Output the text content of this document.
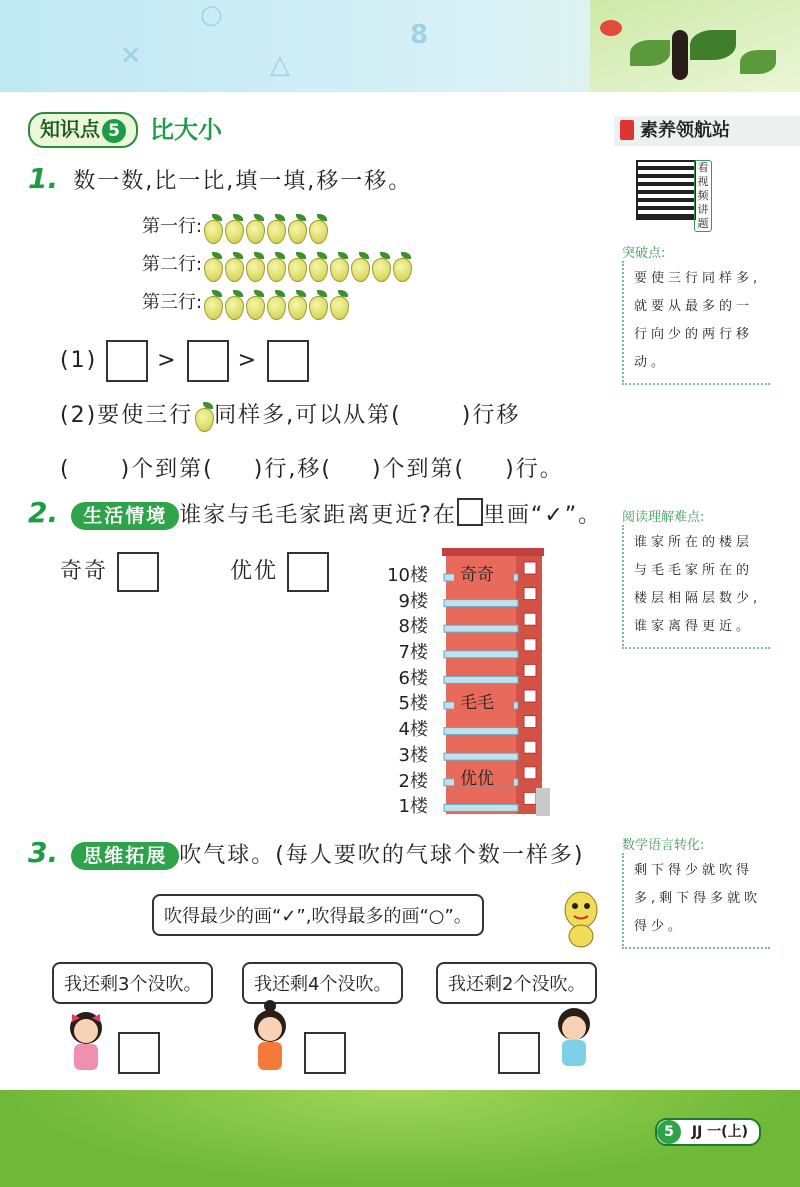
×	△
8
○
知识点 5	比大小	素养领航站
看视频讲题
突破点:
要使三行同样多,就要从最多的一行向少的两行移动。
阅读理解难点:
谁家所在的楼层与毛毛家所在的楼层相隔层数少,谁家离得更近。
数学语言转化:
剩下得少就吹得多,剩下得多就吹得少。
1. 数一数,比一比,填一填,移一移。
第一行:
第二行:
第三行:
(1)	>	>
(2)要使三行 同样多,可以从第(	)行移
( )个到第( )行,移( )个到第( )行。
2. 生活情境 谁家与毛毛家距离更近?在 里画“✓”。
奇奇	优优	10楼
9楼
8楼
7楼
6楼
5楼
4楼
3楼
2楼
1楼
奇奇
毛毛
优优
3. 思维拓展 吹气球。(每人要吹的气球个数一样多)
吹得最少的画“✓”,吹得最多的画“○”。
我还剩3个没吹。	我还剩4个没吹。	我还剩2个没吹。
5 JJ 一(上)
